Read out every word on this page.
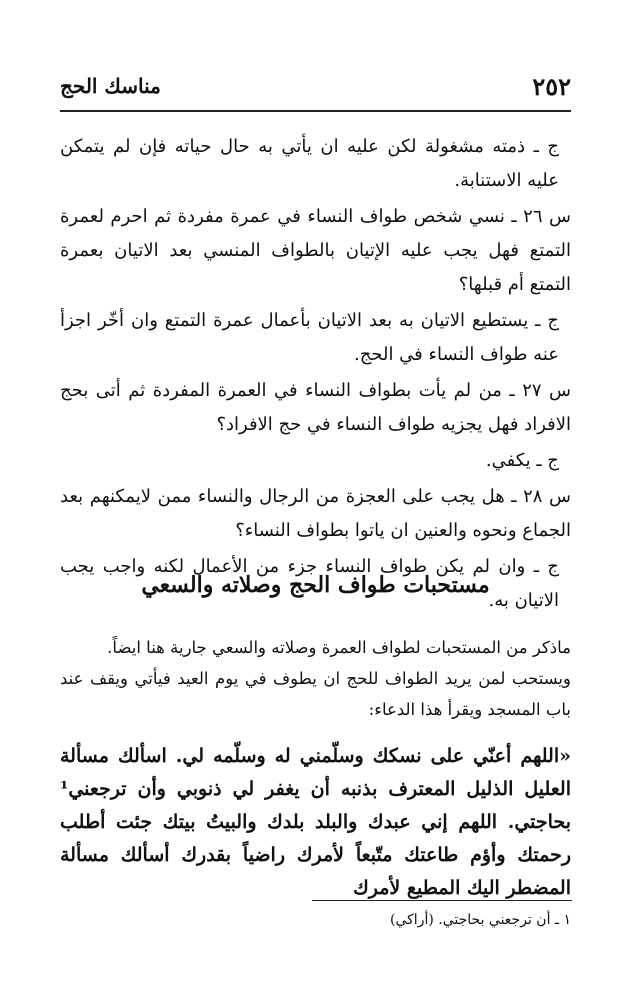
٢٥٢
مناسك الحج

ج ـ ذمته مشغولة لكن عليه ان يأتي به حال حياته فإن لم يتمكن عليه الاستنابة.

س ٢٦ ـ نسي شخص طواف النساء في عمرة مفردة ثم احرم لعمرة التمتع فهل يجب عليه الإتيان بالطواف المنسي بعد الاتيان بعمرة التمتع أم قبلها؟

ج ـ يستطيع الاتيان به بعد الاتيان بأعمال عمرة التمتع وان أخّر اجزأ عنه طواف النساء في الحج.

س ٢٧ ـ من لم يأت بطواف النساء في العمرة المفردة ثم أتى بحج الافراد فهل يجزيه طواف النساء في حج الافراد؟

ج ـ يكفي.

س ٢٨ ـ هل يجب على العجزة من الرجال والنساء ممن لايمكنهم بعد الجماع ونحوه والعنين ان ياتوا بطواف النساء؟

ج ـ وان لم يكن طواف النساء جزء من الأعمال لكنه واجب يجب الاتيان به.

مستحبات طواف الحج وصلاته والسعي

ماذكر من المستحبات لطواف العمرة وصلاته والسعي جارية هنا ايضاً.

ويستحب لمن يريد الطواف للحج ان يطوف في يوم العيد فيأتي ويقف عند باب المسجد ويقرأ هذا الدعاء:

«اللهم أعنّي على نسكك وسلّمني له وسلّمه لي. اسألك مسألة العليل الذليل المعترف بذنبه أن يغفر لي ذنوبي وأن ترجعني¹ بحاجتي. اللهم إني عبدك والبلد بلدك والبيتُ بيتك جئت أطلب رحمتك وأؤم طاعتك متّبعاً لأمرك راضياً بقدرك أسألك مسألة المضطر اليك المطيع لأمرك

١ ـ أن ترجعني بحاجتي. (أراكي)
